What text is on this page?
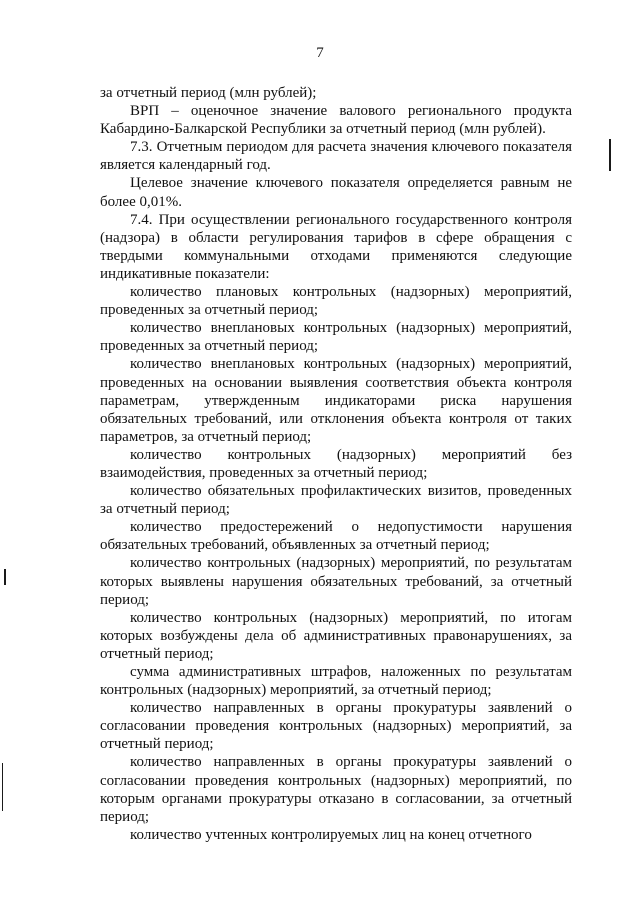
7

за отчетный период (млн рублей);

ВРП – оценочное значение валового регионального продукта Кабардино-Балкарской Республики за отчетный период (млн рублей).

7.3. Отчетным периодом для расчета значения ключевого показателя является календарный год.

Целевое значение ключевого показателя определяется равным не более 0,01%.

7.4. При осуществлении регионального государственного контроля (надзора) в области регулирования тарифов в сфере обращения с твердыми коммунальными отходами применяются следующие индикативные показатели:

количество плановых контрольных (надзорных) мероприятий, проведенных за отчетный период;

количество внеплановых контрольных (надзорных) мероприятий, проведенных за отчетный период;

количество внеплановых контрольных (надзорных) мероприятий, проведенных на основании выявления соответствия объекта контроля параметрам, утвержденным индикаторами риска нарушения обязательных требований, или отклонения объекта контроля от таких параметров, за отчетный период;

количество контрольных (надзорных) мероприятий без взаимодействия, проведенных за отчетный период;

количество обязательных профилактических визитов, проведенных за отчетный период;

количество предостережений о недопустимости нарушения обязательных требований, объявленных за отчетный период;

количество контрольных (надзорных) мероприятий, по результатам которых выявлены нарушения обязательных требований, за отчетный период;

количество контрольных (надзорных) мероприятий, по итогам которых возбуждены дела об административных правонарушениях, за отчетный период;

сумма административных штрафов, наложенных по результатам контрольных (надзорных) мероприятий, за отчетный период;

количество направленных в органы прокуратуры заявлений о согласовании проведения контрольных (надзорных) мероприятий, за отчетный период;

количество направленных в органы прокуратуры заявлений о согласовании проведения контрольных (надзорных) мероприятий, по которым органами прокуратуры отказано в согласовании, за отчетный период;

количество учтенных контролируемых лиц на конец отчетного
